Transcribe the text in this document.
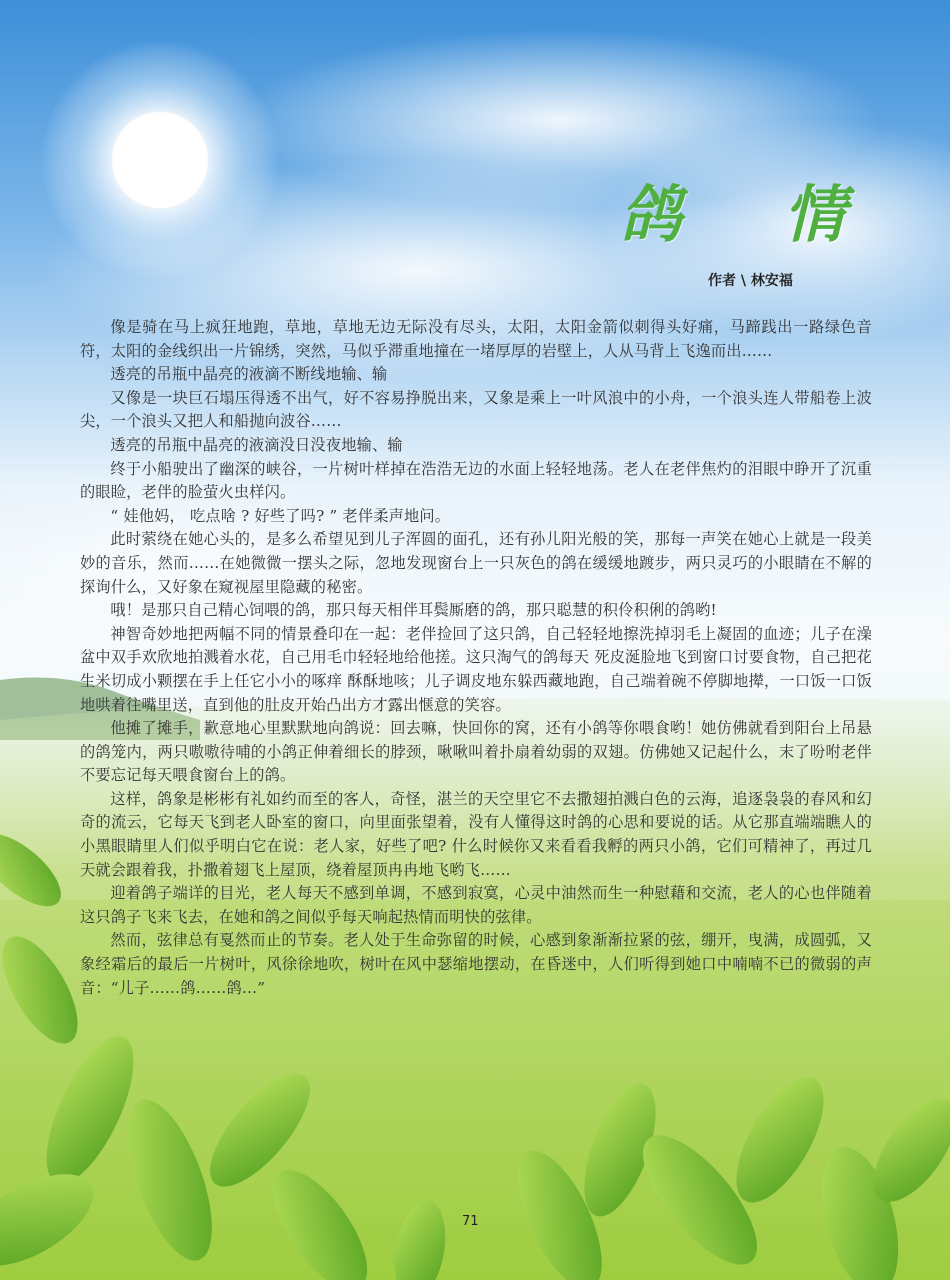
鸽 情
作者 \ 林安福

像是骑在马上疯狂地跑，草地，草地无边无际没有尽头，太阳，太阳金箭似刺得头好痛，马蹄践出一路绿色音符，太阳的金线织出一片锦绣，突然，马似乎滞重地撞在一堵厚厚的岩壁上，人从马背上飞逸而出……

透亮的吊瓶中晶亮的液滴不断线地输、输

又像是一块巨石塌压得透不出气，好不容易挣脱出来，又象是乘上一叶风浪中的小舟，一个浪头连人带船卷上波尖，一个浪头又把人和船抛向波谷……

透亮的吊瓶中晶亮的液滴没日没夜地输、输

终于小船驶出了幽深的峡谷，一片树叶样掉在浩浩无边的水面上轻轻地荡。老人在老伴焦灼的泪眼中睁开了沉重的眼睑，老伴的脸萤火虫样闪。

“ 娃他妈， 吃点啥 ? 好些了吗? ” 老伴柔声地问。

此时萦绕在她心头的，是多么希望见到儿子浑圆的面孔，还有孙儿阳光般的笑，那每一声笑在她心上就是一段美妙的音乐，然而……在她微微一摆头之际，忽地发现窗台上一只灰色的鸽在缓缓地踱步，两只灵巧的小眼睛在不解的探询什么，又好象在窥视屋里隐藏的秘密。

哦！是那只自己精心饲喂的鸽，那只每天相伴耳鬓厮磨的鸽，那只聪慧的积伶积俐的鸽哟!

神智奇妙地把两幅不同的情景叠印在一起：老伴捡回了这只鸽，自己轻轻地擦洗掉羽毛上凝固的血迹；儿子在澡盆中双手欢欣地拍溅着水花，自己用毛巾轻轻地给他搓。这只淘气的鸽每天 死皮涎脸地飞到窗口讨要食物，自己把花生米切成小颗摆在手上任它小小的啄痒 酥酥地咳；儿子调皮地东躲西藏地跑，自己端着碗不停脚地撵，一口饭一口饭地哄着往嘴里送，直到他的肚皮开始凸出方才露出惬意的笑容。

他摊了摊手，歉意地心里默默地向鸽说：回去嘛，快回你的窝，还有小鸽等你喂食哟！她仿佛就看到阳台上吊悬的鸽笼内，两只嗷嗷待哺的小鸽正伸着细长的脖颈，啾啾叫着扑扇着幼弱的双翅。仿佛她又记起什么，末了吩咐老伴不要忘记每天喂食窗台上的鸽。

这样，鸽象是彬彬有礼如约而至的客人，奇怪，湛兰的天空里它不去撒翅拍溅白色的云海，追逐袅袅的春风和幻奇的流云，它每天飞到老人卧室的窗口，向里面张望着，没有人懂得这时鸽的心思和要说的话。从它那直端端瞧人的小黑眼睛里人们似乎明白它在说：老人家，好些了吧? 什么时候你又来看看我孵的两只小鸽，它们可精神了，再过几天就会跟着我，扑撒着翅飞上屋顶，绕着屋顶冉冉地飞哟飞……

迎着鸽子端详的目光，老人每天不感到单调，不感到寂寞，心灵中油然而生一种慰藉和交流，老人的心也伴随着这只鸽子飞来飞去，在她和鸽之间似乎每天响起热情而明快的弦律。

然而，弦律总有戛然而止的节奏。老人处于生命弥留的时候，心感到象渐渐拉紧的弦，绷开，曳满，成圆弧，又象经霜后的最后一片树叶，风徐徐地吹，树叶在风中瑟缩地摆动，在昏迷中，人们听得到她口中喃喃不已的微弱的声音：“儿子……鸽……鸽…”

71
